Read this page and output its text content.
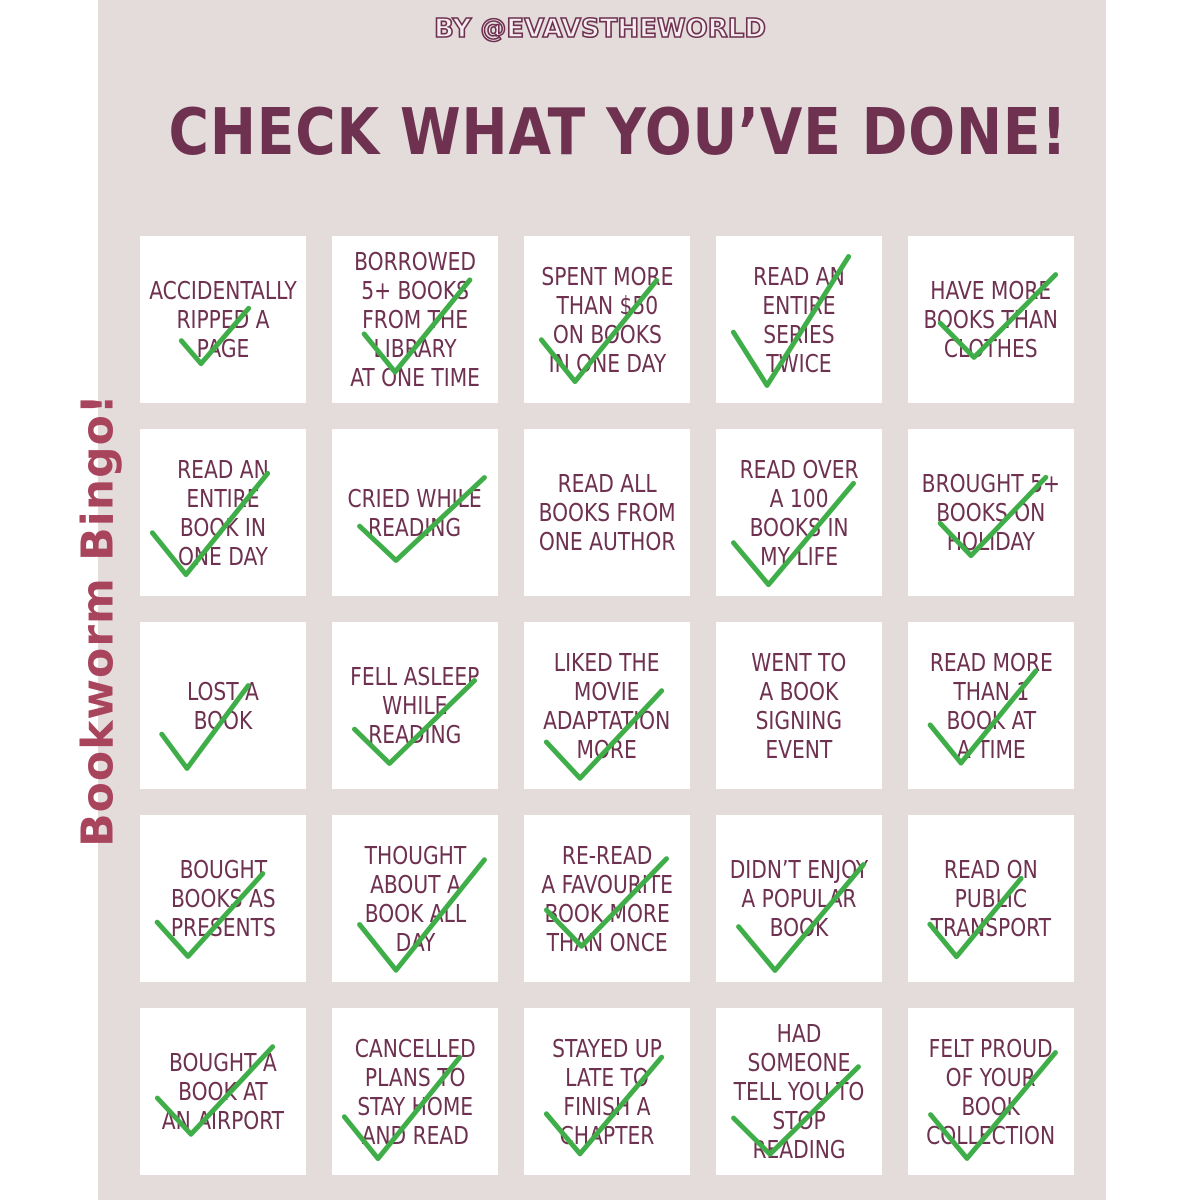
Bookworm Bingo!
BY @EVAVSTHEWORLD
CHECK WHAT YOU’VE DONE!
ACCIDENTALLY
RIPPED A
PAGE
BORROWED
5+ BOOKS
FROM THE
LIBRARY
AT ONE TIME
SPENT MORE
THAN $50
ON BOOKS
IN ONE DAY
READ AN
ENTIRE
SERIES
TWICE
HAVE MORE
BOOKS THAN
CLOTHES
READ AN
ENTIRE
BOOK IN
ONE DAY
CRIED WHILE
READING
READ ALL
BOOKS FROM
ONE AUTHOR
READ OVER
A 100
BOOKS IN
MY LIFE
BROUGHT 5+
BOOKS ON
HOLIDAY
LOST A
BOOK
FELL ASLEEP
WHILE
READING
LIKED THE
MOVIE
ADAPTATION
MORE
WENT TO
A BOOK
SIGNING
EVENT
READ MORE
THAN 1
BOOK AT
A TIME
BOUGHT
BOOKS AS
PRESENTS
THOUGHT
ABOUT A
BOOK ALL
DAY
RE-READ
A FAVOURITE
BOOK MORE
THAN ONCE
DIDN’T ENJOY
A POPULAR
BOOK
READ ON
PUBLIC
TRANSPORT
BOUGHT A
BOOK AT
AN AIRPORT
CANCELLED
PLANS TO
STAY HOME
AND READ
STAYED UP
LATE TO
FINISH A
CHAPTER
HAD SOMEONE
TELL YOU TO
STOP READING
FELT PROUD
OF YOUR
BOOK
COLLECTION
